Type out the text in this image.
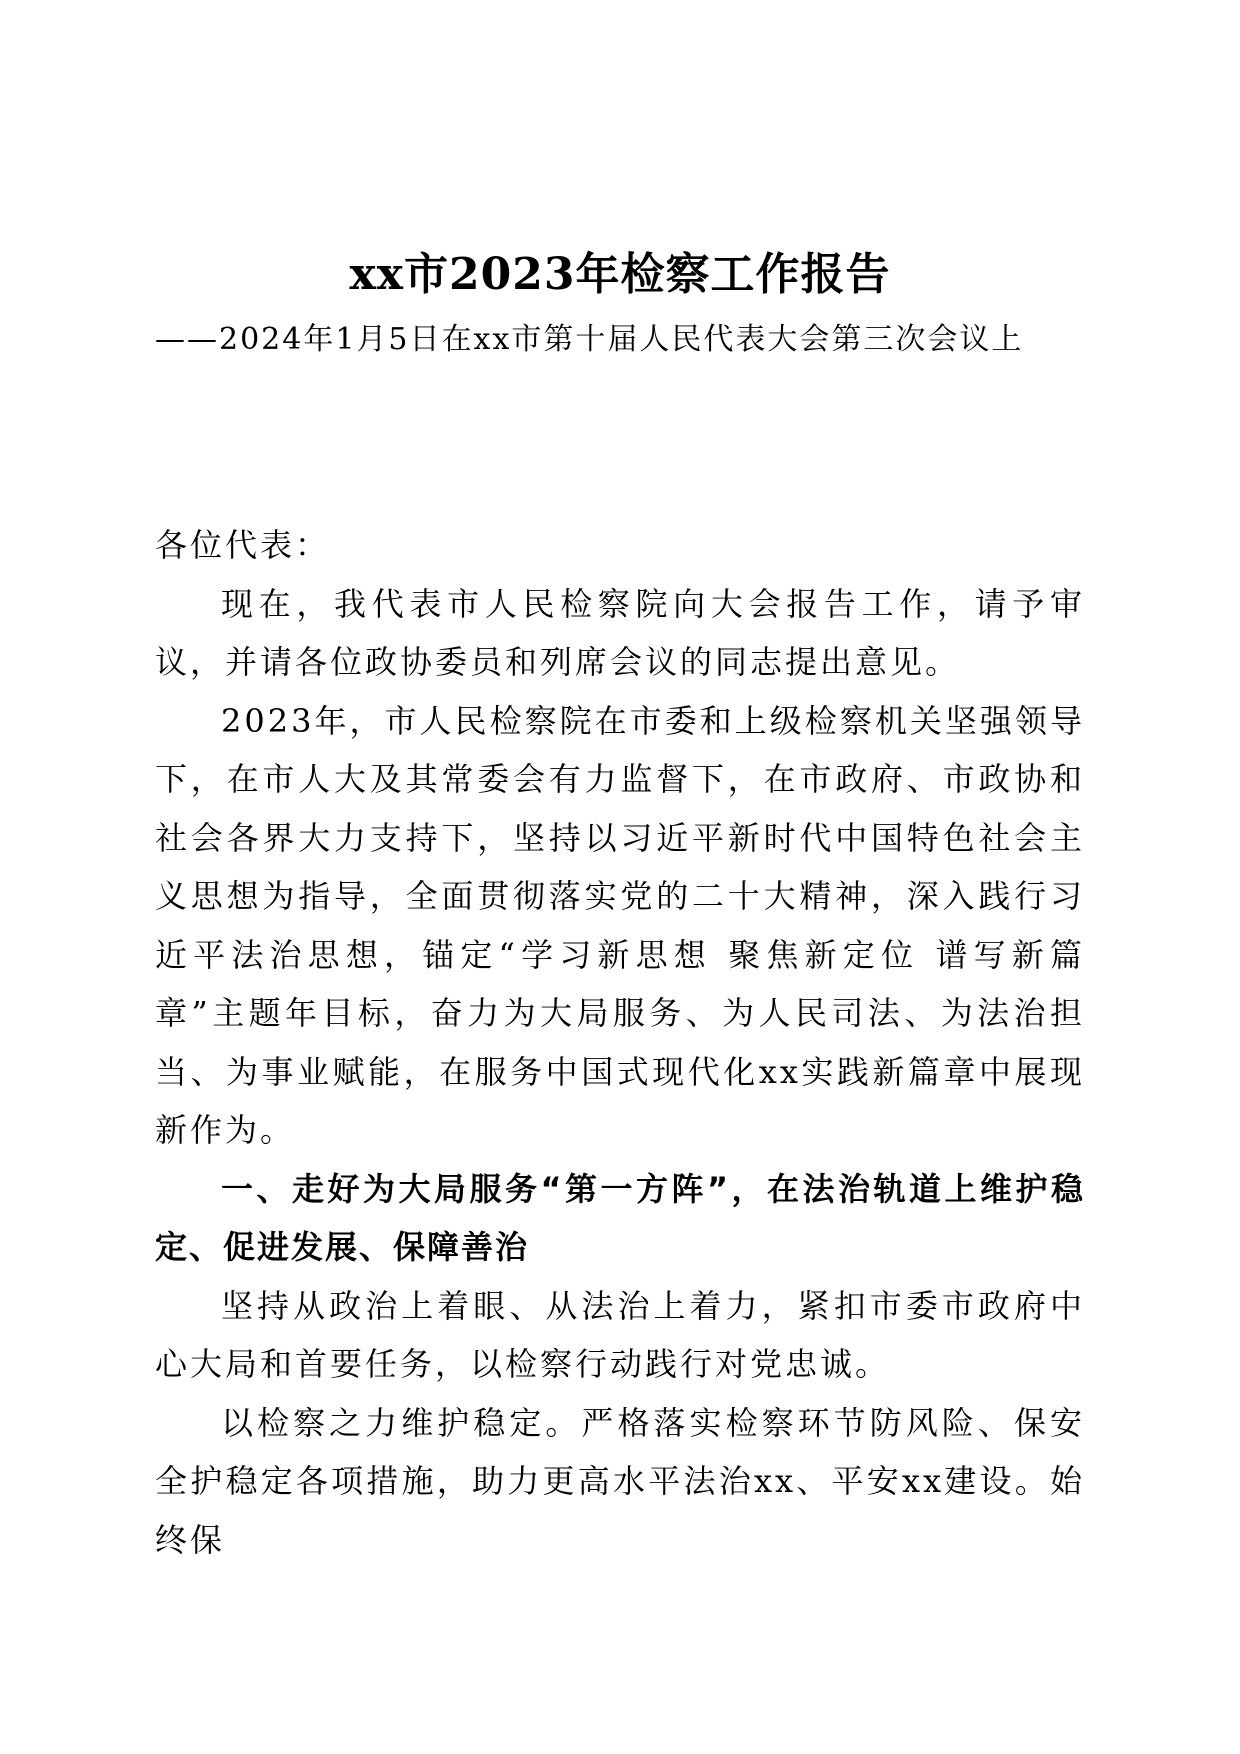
xx市2023年检察工作报告
——2024年1月5日在xx市第十届人民代表大会第三次会议上

各位代表：

现在，我代表市人民检察院向大会报告工作，请予审议，并请各位政协委员和列席会议的同志提出意见。

2023年，市人民检察院在市委和上级检察机关坚强领导下，在市人大及其常委会有力监督下，在市政府、市政协和社会各界大力支持下，坚持以习近平新时代中国特色社会主义思想为指导，全面贯彻落实党的二十大精神，深入践行习近平法治思想，锚定“学习新思想 聚焦新定位 谱写新篇章”主题年目标，奋力为大局服务、为人民司法、为法治担当、为事业赋能，在服务中国式现代化xx实践新篇章中展现新作为。

一、走好为大局服务“第一方阵”，在法治轨道上维护稳定、促进发展、保障善治

坚持从政治上着眼、从法治上着力，紧扣市委市政府中心大局和首要任务，以检察行动践行对党忠诚。

以检察之力维护稳定。严格落实检察环节防风险、保安全护稳定各项措施，助力更高水平法治xx、平安xx建设。始终保
